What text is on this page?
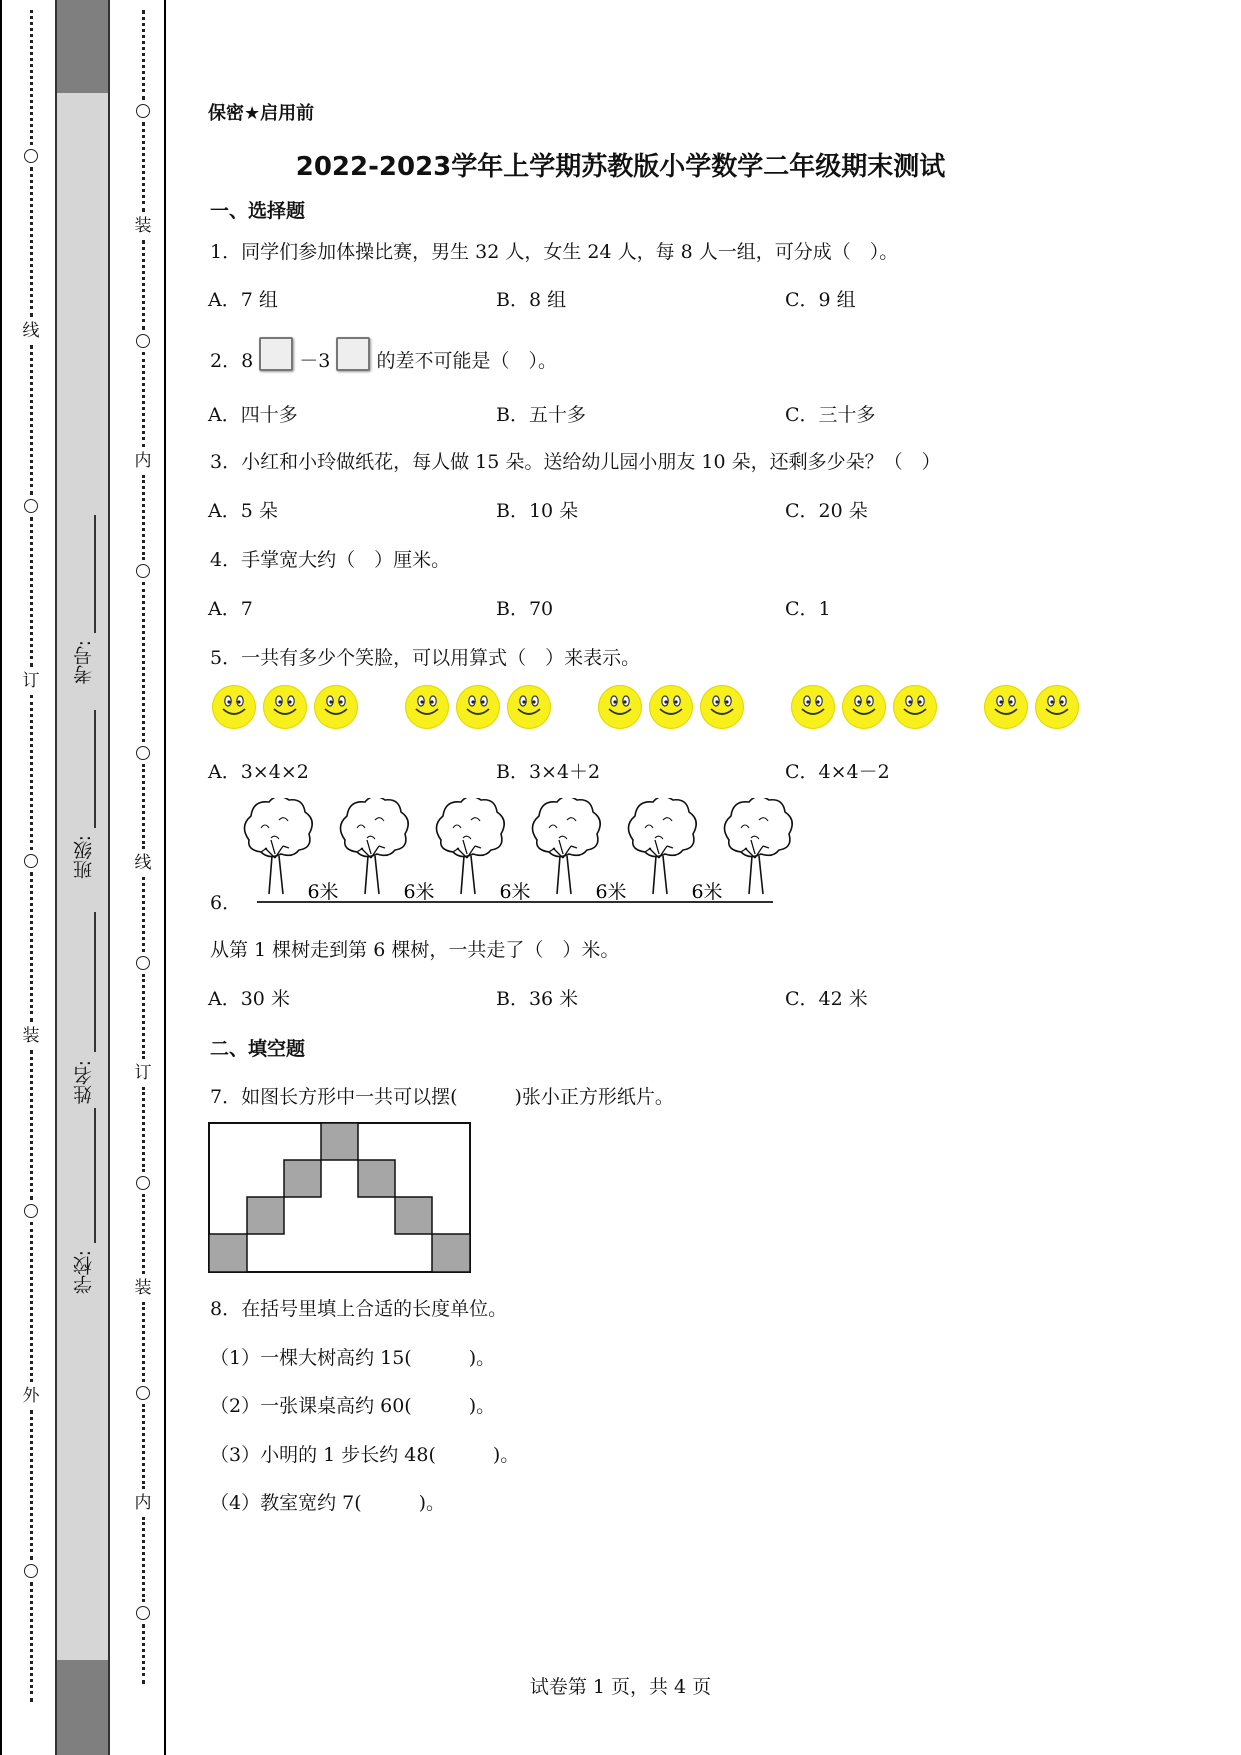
线
订
装
外
装
内
线
订
装
内
考号:
班级:
姓名:
学校:
保密★启用前
2022-2023学年上学期苏教版小学数学二年级期末测试
一、选择题
1．同学们参加体操比赛，男生 32 人，女生 24 人，每 8 人一组，可分成（　）。
A．7 组	B．8 组	C．9 组
2．8 －3 的差不可能是（　）。
A．四十多	B．五十多	C．三十多
3．小红和小玲做纸花，每人做 15 朵。送给幼儿园小朋友 10 朵，还剩多少朵？（　）
A．5 朵	B．10 朵	C．20 朵
4．手掌宽大约（　）厘米。
A．7	B．70	C．1
5．一共有多少个笑脸，可以用算式（　）来表示。
A．3×4×2	B．3×4＋2	C．4×4－2
6．	6米	6米	6米	6米	6米
从第 1 棵树走到第 6 棵树，一共走了（　）米。
A．30 米	B．36 米	C．42 米
二、填空题
7．如图长方形中一共可以摆(　　　)张小正方形纸片。
8．在括号里填上合适的长度单位。
（1）一棵大树高约 15(　　　)。
（2）一张课桌高约 60(　　　)。
（3）小明的 1 步长约 48(　　　)。
（4）教室宽约 7(　　　)。
试卷第 1 页，共 4 页
